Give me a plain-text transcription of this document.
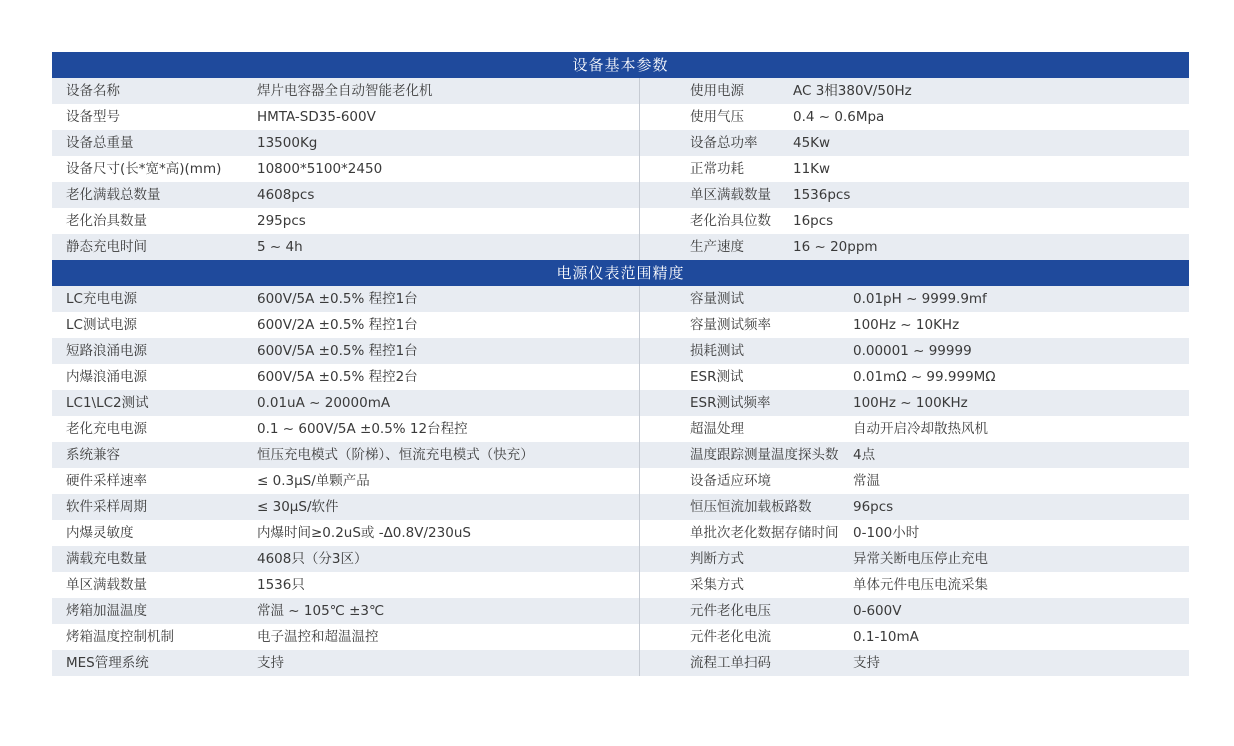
设备基本参数
设备名称	焊片电容器全自动智能老化机	使用电源	AC 3相380V/50Hz
设备型号	HMTA-SD35-600V	使用气压	0.4 ~ 0.6Mpa
设备总重量	13500Kg	设备总功率	45Kw
设备尺寸(长*宽*高)(mm)	10800*5100*2450	正常功耗	11Kw
老化满载总数量	4608pcs	单区满载数量	1536pcs
老化治具数量	295pcs	老化治具位数	16pcs
静态充电时间	5 ~ 4h	生产速度	16 ~ 20ppm
电源仪表范围精度
LC充电电源	600V/5A ±0.5% 程控1台	容量测试	0.01pH ~ 9999.9mf
LC测试电源	600V/2A ±0.5% 程控1台	容量测试频率	100Hz ~ 10KHz
短路浪涌电源	600V/5A ±0.5% 程控1台	损耗测试	0.00001 ~ 99999
内爆浪涌电源	600V/5A ±0.5% 程控2台	ESR测试	0.01mΩ ~ 99.999MΩ
LC1\LC2测试	0.01uA ~ 20000mA	ESR测试频率	100Hz ~ 100KHz
老化充电电源	0.1 ~ 600V/5A ±0.5% 12台程控	超温处理	自动开启冷却散热风机
系统兼容	恒压充电模式（阶梯）、恒流充电模式（快充）	温度跟踪测量温度探头数	4点
硬件采样速率	≤ 0.3μS/单颗产品	设备适应环境	常温
软件采样周期	≤ 30μS/软件	恒压恒流加载板路数	96pcs
内爆灵敏度	内爆时间≥0.2uS或 -Δ0.8V/230uS	单批次老化数据存储时间	0-100小时
满载充电数量	4608只（分3区）	判断方式	异常关断电压停止充电
单区满载数量	1536只	采集方式	单体元件电压电流采集
烤箱加温温度	常温 ~ 105℃ ±3℃	元件老化电压	0-600V
烤箱温度控制机制	电子温控和超温温控	元件老化电流	0.1-10mA
MES管理系统	支持	流程工单扫码	支持
